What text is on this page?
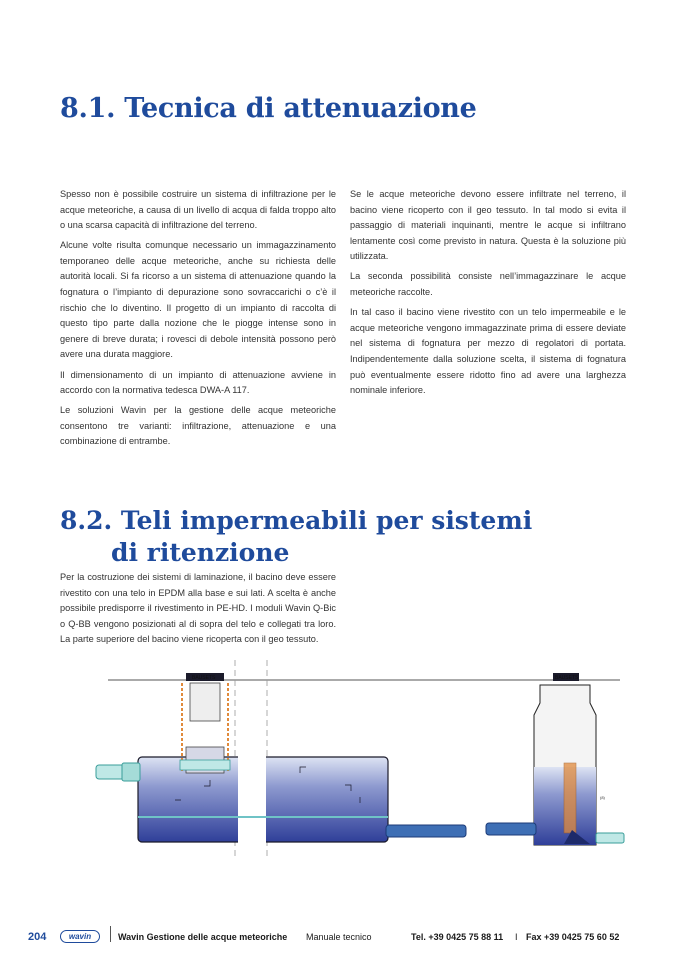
8.1. Tecnica di attenuazione

Spesso non è possibile costruire un sistema di infiltrazione per le acque meteoriche, a causa di un livello di acqua di falda troppo alto o una scarsa capacità di infiltrazione del terreno.

Alcune volte risulta comunque necessario un immagazzinamento temporaneo delle acque meteoriche, anche su richiesta delle autorità locali. Si fa ricorso a un sistema di attenuazione quando la fognatura o l’impianto di depurazione sono sovraccarichi o c’è il rischio che lo diventino. Il progetto di un impianto di raccolta di questo tipo parte dalla nozione che le piogge intense sono in genere di breve durata; i rovesci di debole intensità possono però avere una durata maggiore.

Il dimensionamento di un impianto di attenuazione avviene in accordo con la normativa tedesca DWA-A 117.

Le soluzioni Wavin per la gestione delle acque meteoriche consentono tre varianti: infiltrazione, attenuazione e una combinazione di entrambe.

Se le acque meteoriche devono essere infiltrate nel terreno, il bacino viene ricoperto con il geo tessuto. In tal modo si evita il passaggio di materiali inquinanti, mentre le acque si infiltrano lentamente così come previsto in natura. Questa è la soluzione più utilizzata.

La seconda possibilità consiste nell’immagazzinare le acque meteoriche raccolte.

In tal caso il bacino viene rivestito con un telo impermeabile e le acque meteoriche vengono immagazzinate prima di essere deviate nel sistema di fognatura per mezzo di regolatori di portata. Indipendentemente dalla soluzione scelta, il sistema di fognatura può eventualmente essere ridotto fino ad avere una larghezza nominale inferiore.

8.2. Teli impermeabili per sistemi
di ritenzione

Per la costruzione dei sistemi di laminazione, il bacino deve essere rivestito con una telo in EPDM alla base e sui lati. A scelta è anche possibile predisporre il rivestimento in PE-HD. I moduli Wavin Q-Bic o Q-BB vengono posizionati al di sopra del telo e collegati tra loro. La parte superiore del bacino viene ricoperta con il geo tessuto.

BAUSETS	BAUSETS
(8)
204	wavin	Wavin Gestione delle acque meteoriche Manuale tecnico	Tel. +39 0425 75 88 11 I Fax +39 0425 75 60 52
